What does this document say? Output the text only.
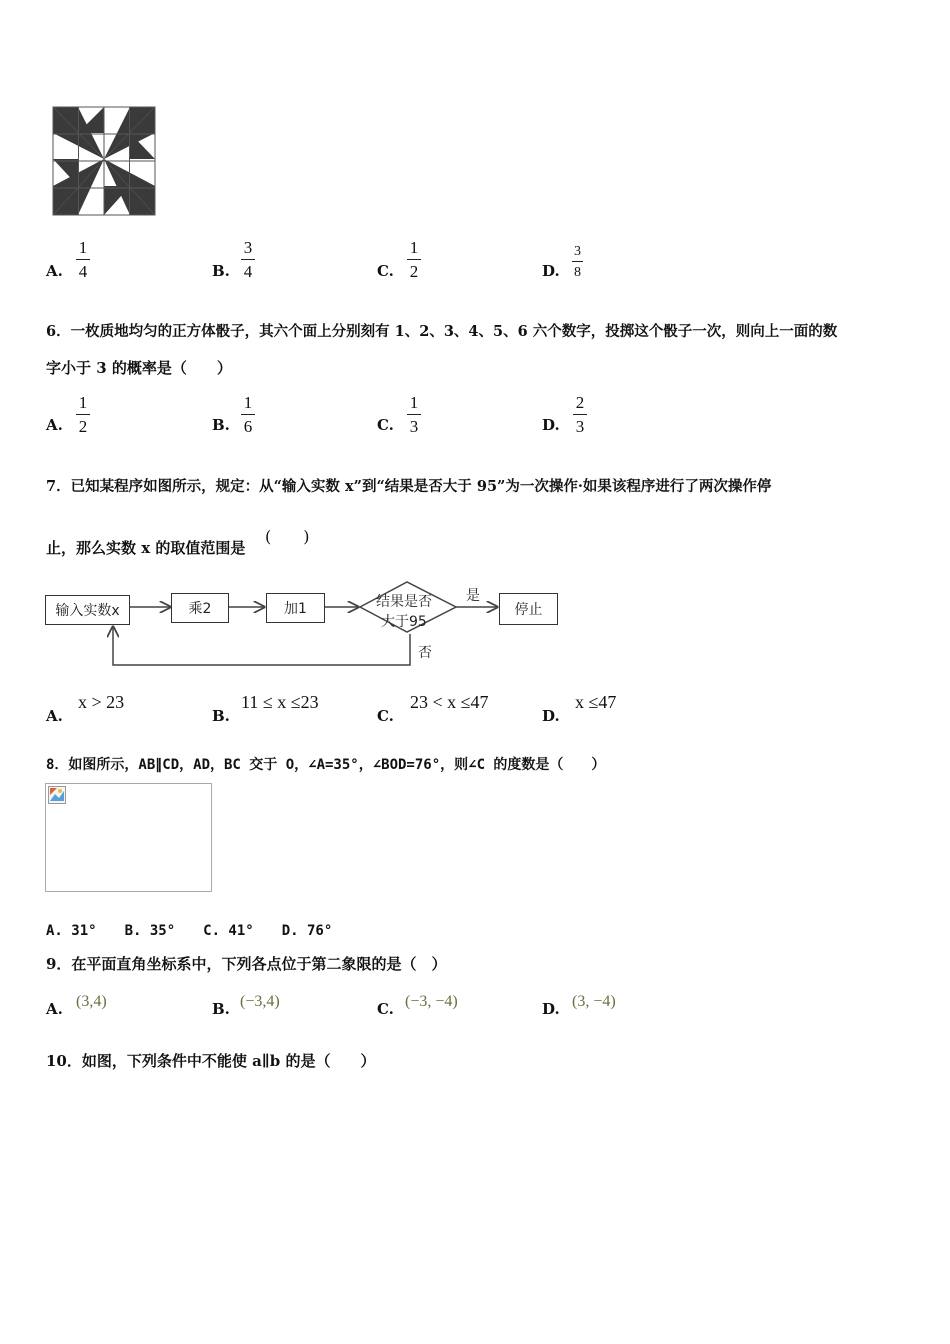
A.
1
4	B.
3
4	C.
1
2	D.
3
8
6．一枚质地均匀的正方体骰子，其六个面上分别刻有 1、2、3、4、5、6 六个数字，投掷这个骰子一次，则向上一面的数
字小于 3 的概率是（　　）
A.
1
2	B.
1
6	C.
1
3	D.
2
3
7．已知某程序如图所示，规定：从“输入实数 x”到“结果是否大于 95”为一次操作·如果该程序进行了两次操作停
止，那么实数 x 的取值范围是
(　　)
输入实数x	乘2	加1	结果是否
大于95
是
停止
否
A.
x > 23
B.
11 ≤ x ≤23
C.
23 < x ≤47
D.
x ≤47
8．如图所示，AB∥CD，AD，BC 交于 O，∠A=35°，∠BOD=76°，则∠C 的度数是（　　）
A. 31°　　B. 35°　　C. 41°　　D. 76°
9．在平面直角坐标系中，下列各点位于第二象限的是（　）
A. (3,4)	B. (−3,4)	C. (−3, −4)	D. (3, −4)
10．如图，下列条件中不能使 a∥b 的是（　　）
